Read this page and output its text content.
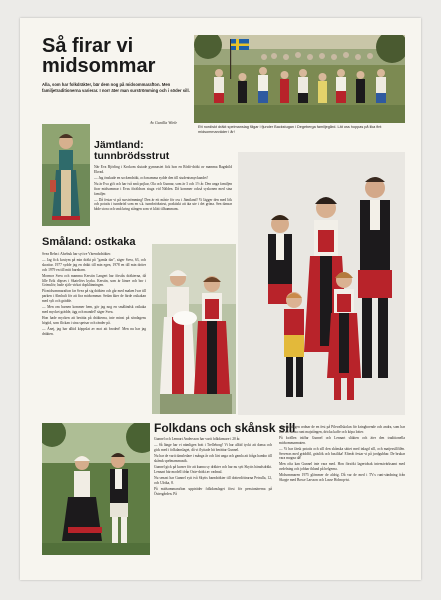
Så firar vi
midsommar
Alla, som har folkdräkter, bär dem nog på midsommarafton. Men familjetraditionerna varierar. I norr äter man surströmming och i söder sill.
Av Gunilla Wiele
Ett nordiskt dräkt spelmanslag fågar i fjunder Backstugan i Degeberga familjegård. Lät oss hoppas på lika fint midsommarväder i år!
Jämtland: tunnbrödsstrut

När Eva Björling i Krokom slutade gymnasiet fick hon en Rödö-dräkt av mamma Ragnhild Ekvad.

— Jag önskade en sockendräkt, och mamma sydde den till studentsmyckandet!

Nu är Eva gift och har två små pojkar, Ola och Gunnar, som är 3 och 1½ år. Den unga familjen firar midsommar i Evas föräldrars stuga vid Nälden. Då kommer också syskonen med sina familjer.

— Då festar vi på surströmming! Den är ett måste för oss i Jämtland! Vi lägger den med lök och potatis i tunnbröd som en s.k. tunnbrödsstrut, praktiskt att äta ute i det gröna. Sen dansar både stora och små kring stången som vi klätt tillsammans.

Småland: ostkaka

Svea Rehn i Alsebuk har syt tre Värendsdräkter.

— Jag fick kostym på min dräkt på "gamla dar", säger Svea, 63, och skrattar. 1977 sydde jag en dräkt till min egen, 1978 en till min dotter och 1979 en till mitt barnbarn.

Mormor Svea och mamma Kerstin Langert har förstås dräkterna, då lille Erik döpses i Skatelövs kyrka. Kerstin, som är lärare och bor i Grimslöv, hade själv virkat dopklänningen.

På midsommarafton far Svea på sig dräkten och går med maken Ivar till parken i Almhult för att fira midsommar. Sedan åker de färde ostkakan med sylt och grädde.

— Men om barnen kommer hem, gör jag nog en småländsk ostkaka med mycket grädde, ägg och mandel! säger Svea.

Hon hade mycken att berätta på dräkterna, inte minst på söndagens högtid, som flickan i sina spetsar och ränder på.

— Ånej, jag har alltid köppslat av mot att broderi! Men nu har jag dräkten.

Folkdans och skånsk sill

Gunnel och Lennart Andersson har varit folkdansare i 20 år.

— Så länge har vi nämligen bott i Trelleborg! Vi har alltid tyckt att dansa och gick med i folkdanslaget, då vi flyttade hit berättar Gunnel.

Nu har de varit dansledare i många år och lärt unga och gamla att fråga hambo till skånsk spelmansmusik.

Gunnel gick på kurser för att kunna sy dräkter och har nu sytt Skytts häradsdräkt. Lennart bär modell ifrån Oxie-dräkt av vadmal.

Nu senast har Gunnel sytt två Skytts barndräkter till dotterdöttrarna Petrulla, 12, och Ulrika, 8.

På midsommarafton uppträder folkdanslaget först för pensionärerna på Östergården. På

eftermiddagen ordnar de en fest på Pilevallskolan för kringboende och andra, som har lust att dansa runt majstången, dricka kaffe och köpa lotter.

På kvällen träffar Gunnel och Lennart släkten och äter den traditionella midsommarmaten.

— Vi har färsk potatis och sill den skånska sättet med inlagd sill, och matjessillfilén. Serveras med gräddfil, gräslök och basilika! Efteråt festar vi på jordgubbar. De brukar vara mogna då!

Men ofta kan Gunnel inte vara med. Hon försökt lagertobak intensivärksamt med avdelning och jobbar ibland på helgerna.

Midsommaren 1975 glömmer de aldrig. Då var de med i TV:s runt-sändning från Skopje med Bosse Larsson och Lasse Holmqvist.
